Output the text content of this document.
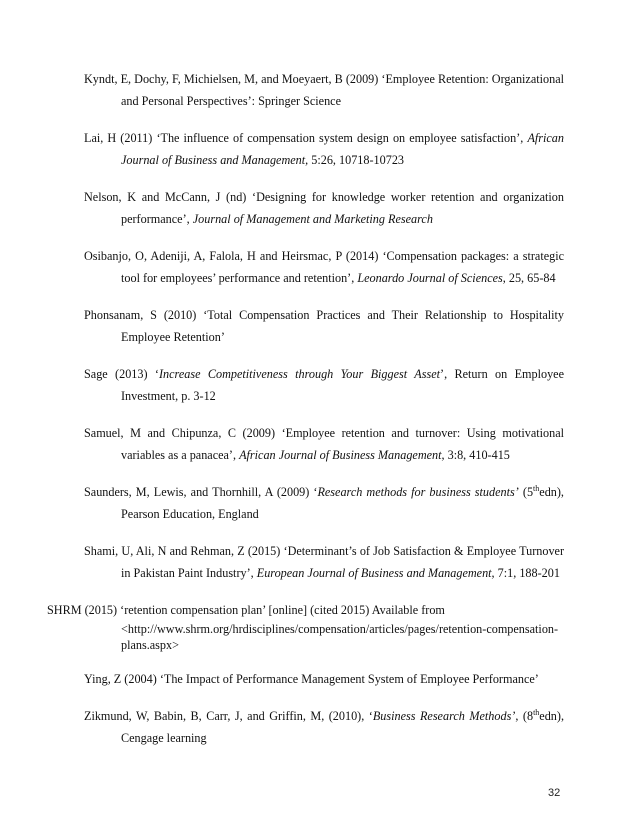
Kyndt, E, Dochy, F, Michielsen, M, and Moeyaert, B (2009) ‘Employee Retention: Organizational and Personal Perspectives’: Springer Science

Lai, H (2011) ‘The influence of compensation system design on employee satisfaction’, African Journal of Business and Management, 5:26, 10718-10723

Nelson, K and McCann, J (nd) ‘Designing for knowledge worker retention and organization performance’, Journal of Management and Marketing Research

Osibanjo, O, Adeniji, A, Falola, H and Heirsmac, P (2014) ‘Compensation packages: a strategic tool for employees’ performance and retention’, Leonardo Journal of Sciences, 25, 65-84

Phonsanam, S (2010) ‘Total Compensation Practices and Their Relationship to Hospitality Employee Retention’

Sage (2013) ‘Increase Competitiveness through Your Biggest Asset’, Return on Employee Investment, p. 3-12

Samuel, M and Chipunza, C (2009) ‘Employee retention and turnover: Using motivational variables as a panacea’, African Journal of Business Management, 3:8, 410-415

Saunders, M, Lewis, and Thornhill, A (2009) ‘Research methods for business students’ (5thedn), Pearson Education, England

Shami, U, Ali, N and Rehman, Z (2015) ‘Determinant’s of Job Satisfaction & Employee Turnover in Pakistan Paint Industry’, European Journal of Business and Management, 7:1, 188-201

SHRM (2015) ‘retention compensation plan’ [online] (cited 2015) Available from <http://www.shrm.org/hrdisciplines/compensation/articles/pages/retention-compensation-plans.aspx>

Ying, Z (2004) ‘The Impact of Performance Management System of Employee Performance’

Zikmund, W, Babin, B, Carr, J, and Griffin, M, (2010), ‘Business Research Methods’, (8thedn), Cengage learning

32
